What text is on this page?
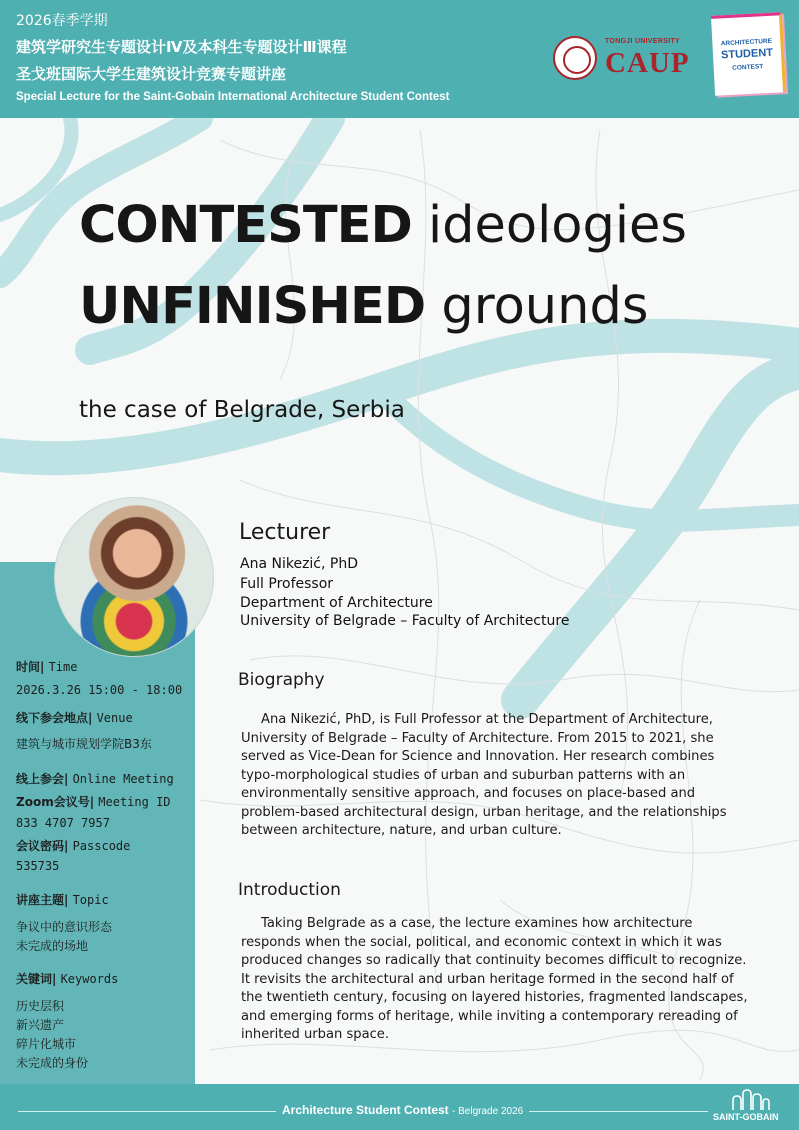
2026春季学期
建筑学研究生专题设计Ⅳ及本科生专题设计Ⅲ课程
圣戈班国际大学生建筑设计竞赛专题讲座
Special Lecture for the Saint-Gobain International Architecture Student Contest
TONGJI UNIVERSITY
CAUP
ARCHITECTURE
STUDENT
CONTEST
CONTESTED ideologies
UNFINISHED grounds
the case of Belgrade, Serbia
时间| Time
2026.3.26 15:00 - 18:00
线下参会地点| Venue
建筑与城市规划学院B3东
线上参会| Online Meeting
Zoom会议号| Meeting ID
833 4707 7957
会议密码| Passcode
535735
讲座主题| Topic
争议中的意识形态
未完成的场地
关键词| Keywords
历史层积
新兴遗产
碎片化城市
未完成的身份
Lecturer
Ana Nikezić, PhD
Full Professor
Department of Architecture
University of Belgrade – Faculty of Architecture
Biography
Ana Nikezić, PhD, is Full Professor at the Department of Architecture,
University of Belgrade – Faculty of Architecture. From 2015 to 2021, she
served as Vice-Dean for Science and Innovation. Her research combines
typo-morphological studies of urban and suburban patterns with an
environmentally sensitive approach, and focuses on place-based and
problem-based architectural design, urban heritage, and the relationships
between architecture, nature, and urban culture.
Introduction
Taking Belgrade as a case, the lecture examines how architecture
responds when the social, political, and economic context in which it was
produced changes so radically that continuity becomes difficult to recognize.
It revisits the architectural and urban heritage formed in the second half of
the twentieth century, focusing on layered histories, fragmented landscapes,
and emerging forms of heritage, while inviting a contemporary rereading of
inherited urban space.
Architecture Student Contest - Belgrade 2026	SAINT-GOBAIN
